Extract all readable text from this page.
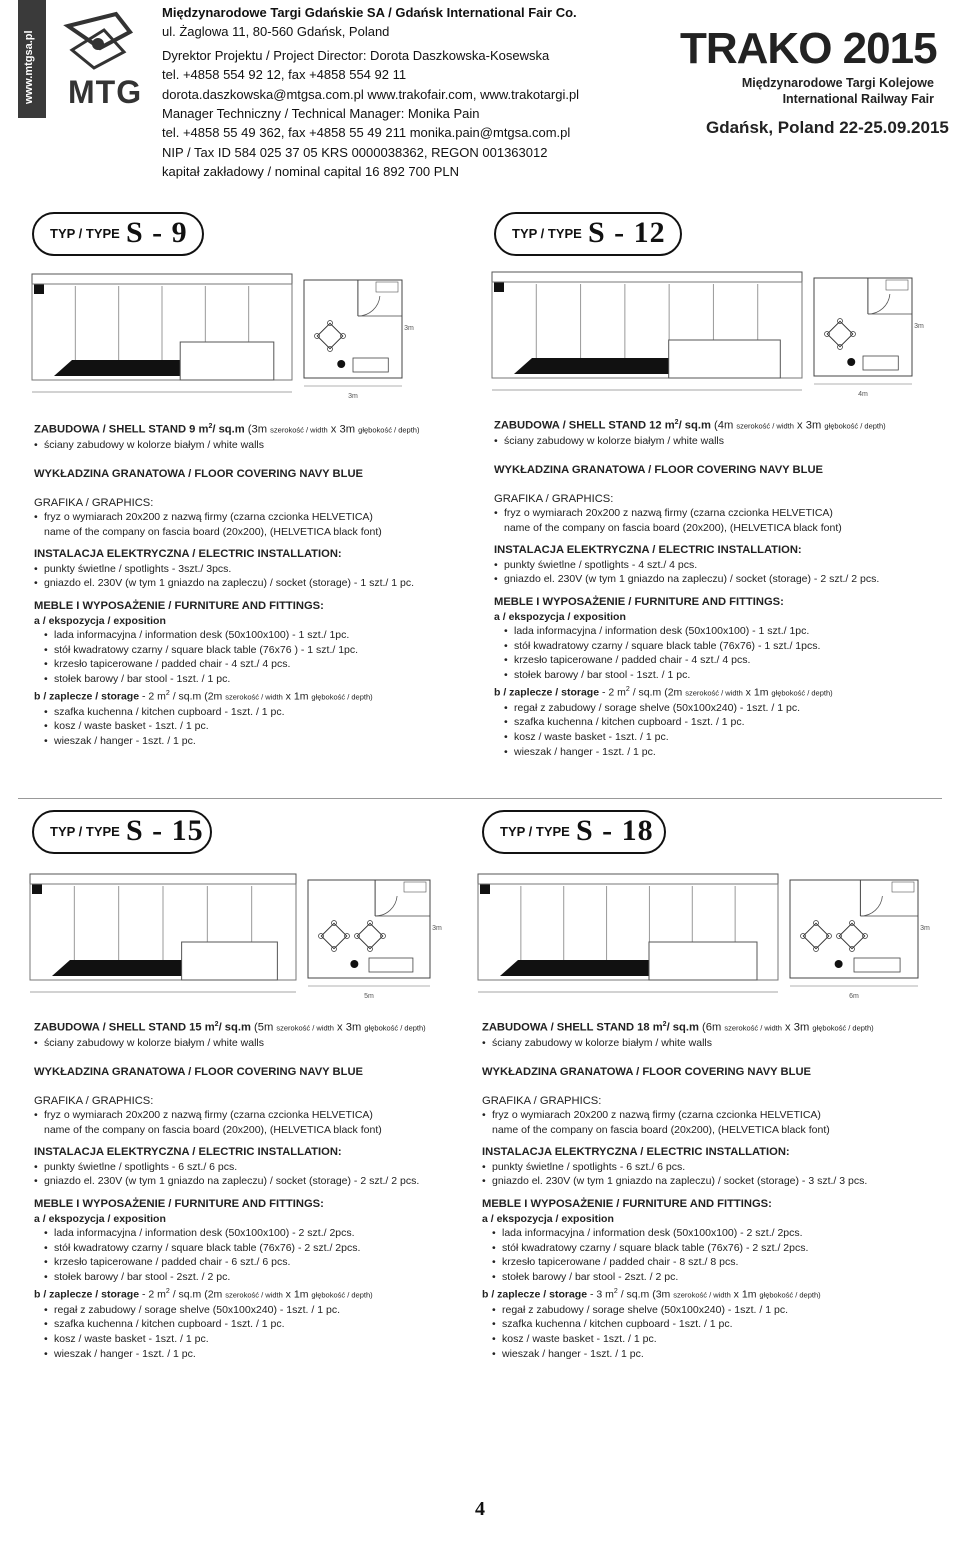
www.mtgsa.pl MTG
Międzynarodowe Targi Gdańskie SA / Gdańsk International Fair Co.
ul. Żaglowa 11, 80-560 Gdańsk, Poland
Dyrektor Projektu / Project Director: Dorota Daszkowska-Kosewska
tel. +4858 554 92 12, fax +4858 554 92 11
dorota.daszkowska@mtgsa.com.pl www.trakofair.com, www.trakotargi.pl
Manager Techniczny / Technical Manager: Monika Pain
tel. +4858 55 49 362, fax +4858 55 49 211 monika.pain@mtgsa.com.pl
NIP / Tax ID 584 025 37 05 KRS 0000038362, REGON 001363012
kapitał zakładowy / nominal capital 16 892 700 PLN
TRAKO 2015
Międzynarodowe Targi Kolejowe
International Railway Fair
Gdańsk, Poland 22-25.09.2015
TYP / TYPE S - 9	TYP / TYPE S - 12
TYP / TYPE S - 15	TYP / TYPE S - 18
3m
3m
4m
3m
5m
3m
6m
3m
ZABUDOWA / SHELL STAND 9 $m^2/$ sq.m (3m szerokość / width x 3m głębokość / depth)
• ściany zabudowy w kolorze białym / white walls
WYKŁADZINA GRANATOWA / FLOOR COVERING NAVY BLUE
GRAFIKA / GRAPHICS:
• fryz o wymiarach 20x200 z nazwą firmy (czarna czcionka HELVETICA)
name of the company on fascia board (20x200), (HELVETICA black font)
INSTALACJA ELEKTRYCZNA / ELECTRIC INSTALLATION:
• punkty świetlne / spotlights - 3szt./ 3pcs.
• gniazdo el. 230V (w tym 1 gniazdo na zapleczu) / socket (storage) - 1 szt./ 1 pc.
MEBLE I WYPOSAŻENIE / FURNITURE AND FITTINGS:
a / ekspozycja / exposition
• lada informacyjna / information desk (50x100x100) - 1 szt./ 1pc.
• stół kwadratowy czarny / square black table (76x76 ) - 1 szt./ 1pc.
• krzesło tapicerowane / padded chair - 4 szt./ 4 pcs.
• stołek barowy / bar stool - 1szt. / 1 pc.
b / zaplecze / storage - 2 $m^2 / sq.m$ (2m szerokość / width x 1m głębokość / depth)
• szafka kuchenna / kitchen cupboard - 1szt. / 1 pc.
• kosz / waste basket - 1szt. / 1 pc.
• wieszak / hanger - 1szt. / 1 pc.
ZABUDOWA / SHELL STAND 12 $m^2/$ sq.m (4m szerokość / width x 3m głębokość / depth)
• ściany zabudowy w kolorze białym / white walls
WYKŁADZINA GRANATOWA / FLOOR COVERING NAVY BLUE
GRAFIKA / GRAPHICS:
• fryz o wymiarach 20x200 z nazwą firmy (czarna czcionka HELVETICA)
name of the company on fascia board (20x200), (HELVETICA black font)
INSTALACJA ELEKTRYCZNA / ELECTRIC INSTALLATION:
• punkty świetlne / spotlights - 4 szt./ 4 pcs.
• gniazdo el. 230V (w tym 1 gniazdo na zapleczu) / socket (storage) - 2 szt./ 2 pcs.
MEBLE I WYPOSAŻENIE / FURNITURE AND FITTINGS:
a / ekspozycja / exposition
• lada informacyjna / information desk (50x100x100) - 1 szt./ 1pc.
• stół kwadratowy czarny / square black table (76x76) - 1 szt./ 1pcs.
• krzesło tapicerowane / padded chair - 4 szt./ 4 pcs.
• stołek barowy / bar stool - 1szt. / 1 pc.
b / zaplecze / storage - 2 $m^2 / sq.m$ (2m szerokość / width x 1m głębokość / depth)
• regał z zabudowy / sorage shelve (50x100x240) - 1szt. / 1 pc.
• szafka kuchenna / kitchen cupboard - 1szt. / 1 pc.
• kosz / waste basket - 1szt. / 1 pc.
• wieszak / hanger - 1szt. / 1 pc.
ZABUDOWA / SHELL STAND 15 $m^2/$ sq.m (5m szerokość / width x 3m głębokość / depth)
• ściany zabudowy w kolorze białym / white walls
WYKŁADZINA GRANATOWA / FLOOR COVERING NAVY BLUE
GRAFIKA / GRAPHICS:
• fryz o wymiarach 20x200 z nazwą firmy (czarna czcionka HELVETICA)
name of the company on fascia board (20x200), (HELVETICA black font)
INSTALACJA ELEKTRYCZNA / ELECTRIC INSTALLATION:
• punkty świetlne / spotlights - 6 szt./ 6 pcs.
• gniazdo el. 230V (w tym 1 gniazdo na zapleczu) / socket (storage) - 2 szt./ 2 pcs.
MEBLE I WYPOSAŻENIE / FURNITURE AND FITTINGS:
a / ekspozycja / exposition
• lada informacyjna / information desk (50x100x100) - 2 szt./ 2pcs.
• stół kwadratowy czarny / square black table (76x76) - 2 szt./ 2pcs.
• krzesło tapicerowane / padded chair - 6 szt./ 6 pcs.
• stołek barowy / bar stool - 2szt. / 2 pc.
b / zaplecze / storage - 2 $m^2 / sq.m$ (2m szerokość / width x 1m głębokość / depth)
• regał z zabudowy / sorage shelve (50x100x240) - 1szt. / 1 pc.
• szafka kuchenna / kitchen cupboard - 1szt. / 1 pc.
• kosz / waste basket - 1szt. / 1 pc.
• wieszak / hanger - 1szt. / 1 pc.
ZABUDOWA / SHELL STAND 18 $m^2/$ sq.m (6m szerokość / width x 3m głębokość / depth)
• ściany zabudowy w kolorze białym / white walls
WYKŁADZINA GRANATOWA / FLOOR COVERING NAVY BLUE
GRAFIKA / GRAPHICS:
• fryz o wymiarach 20x200 z nazwą firmy (czarna czcionka HELVETICA)
name of the company on fascia board (20x200), (HELVETICA black font)
INSTALACJA ELEKTRYCZNA / ELECTRIC INSTALLATION:
• punkty świetlne / spotlights - 6 szt./ 6 pcs.
• gniazdo el. 230V (w tym 1 gniazdo na zapleczu) / socket (storage) - 3 szt./ 3 pcs.
MEBLE I WYPOSAŻENIE / FURNITURE AND FITTINGS:
a / ekspozycja / exposition
• lada informacyjna / information desk (50x100x100) - 2 szt./ 2pcs.
• stół kwadratowy czarny / square black table (76x76) - 2 szt./ 2pcs.
• krzesło tapicerowane / padded chair - 8 szt./ 8 pcs.
• stołek barowy / bar stool - 2szt. / 2 pc.
b / zaplecze / storage - 3 $m^2 / sq.m$ (3m szerokość / width x 1m głębokość / depth)
• regał z zabudowy / sorage shelve (50x100x240) - 1szt. / 1 pc.
• szafka kuchenna / kitchen cupboard - 1szt. / 1 pc.
• kosz / waste basket - 1szt. / 1 pc.
• wieszak / hanger - 1szt. / 1 pc.
4
